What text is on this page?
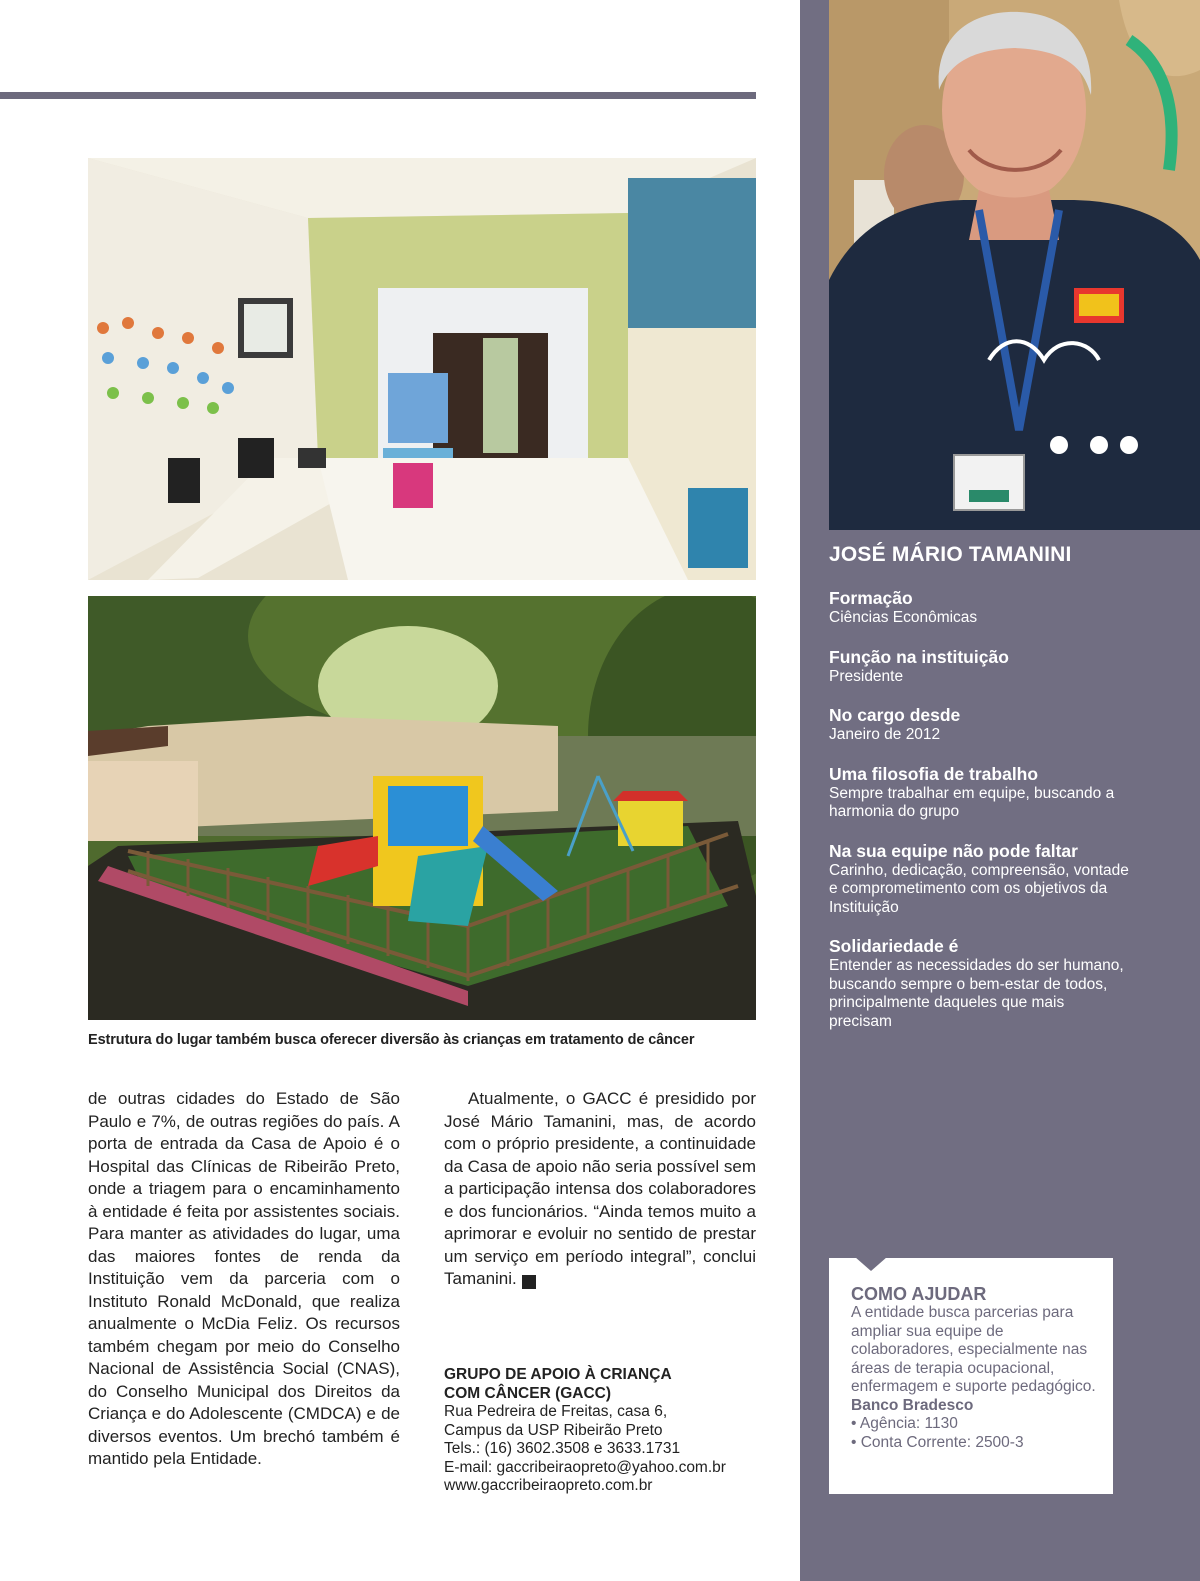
Estrutura do lugar também busca oferecer diversão às crianças em tratamento de câncer

de outras cidades do Estado de São Paulo e 7%, de outras regiões do país. A porta de entrada da Casa de Apoio é o Hospital das Clínicas de Ribeirão Preto, onde a triagem para o encaminhamento à entidade é feita por assistentes sociais. Para manter as atividades do lugar, uma das maiores fontes de renda da Instituição vem da parceria com o Instituto Ronald McDonald, que realiza anualmente o McDia Feliz. Os recursos também chegam por meio do Conselho Nacional de Assistência Social (CNAS), do Conselho Municipal dos Direitos da Criança e do Adolescente (CMDCA) e de diversos eventos. Um brechó também é mantido pela Entidade.

Atualmente, o GACC é presidido por José Mário Tamanini, mas, de acordo com o próprio presidente, a continuidade da Casa de apoio não seria possível sem a participação intensa dos colaboradores e dos funcionários. “Ainda temos muito a aprimorar e evoluir no sentido de prestar um serviço em período integral”, conclui Tamanini.	r

GRUPO DE APOIO À CRIANÇA
COM CÂNCER (GACC)
Rua Pedreira de Freitas, casa 6,
Campus da USP Ribeirão Preto
Tels.: (16) 3602.3508 e 3633.1731
E-mail: gaccribeiraopreto@yahoo.com.br
www.gaccribeiraopreto.com.br
JOSÉ MÁRIO TAMANINI
Formação
Ciências Econômicas
Função na instituição
Presidente
No cargo desde
Janeiro de 2012
Uma filosofia de trabalho
Sempre trabalhar em equipe, buscando a harmonia do grupo
Na sua equipe não pode faltar
Carinho, dedicação, compreensão, vontade e comprometimento com os objetivos da Instituição
Solidariedade é
Entender as necessidades do ser humano, buscando sempre o bem-estar de todos, principalmente daqueles que mais precisam
COMO AJUDAR
A entidade busca parcerias para ampliar sua equipe de colaboradores, especialmente nas áreas de terapia ocupacional, enfermagem e suporte pedagógico.
Banco Bradesco
• Agência: 1130
• Conta Corrente: 2500-3
